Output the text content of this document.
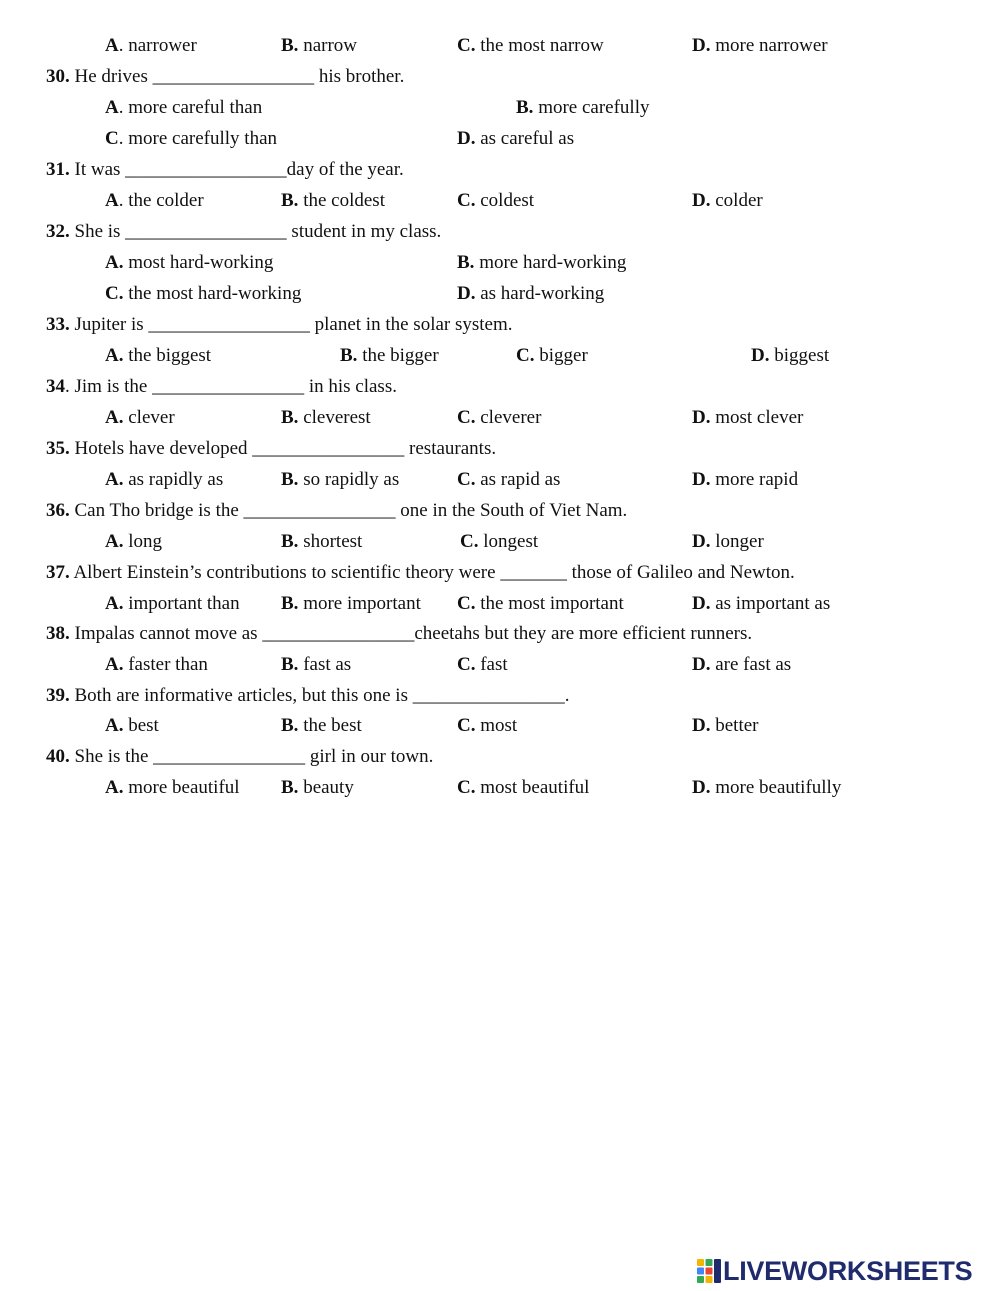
A. narrower	B. narrow	C. the most narrow	D. more narrower
30. He drives _________________ his brother.
A. more careful than	B. more carefully
C. more carefully than	D. as careful as
31. It was _________________day of the year.
A. the colder	B. the coldest	C. coldest	D. colder
32. She is _________________ student in my class.
A. most hard-working	B. more hard-working
C. the most hard-working	D. as hard-working
33. Jupiter is _________________ planet in the solar system.
A. the biggest	B. the bigger	C. bigger	D. biggest
34. Jim is the ________________ in his class.
A. clever	B. cleverest	C. cleverer	D. most clever
35. Hotels have developed ________________ restaurants.
A. as rapidly as	B. so rapidly as	C. as rapid as	D. more rapid
36. Can Tho bridge is the ________________ one in the South of Viet Nam.
A. long	B. shortest	C. longest	D. longer
37. Albert Einstein’s contributions to scientific theory were _______ those of Galileo and Newton.
A. important than B. more important C. the most important	D. as important as
38. Impalas cannot move as ________________cheetahs but they are more efficient runners.
A. faster than	B. fast as	C. fast	D. are fast as
39. Both are informative articles, but this one is ________________.
A. best	B. the best	C. most	D. better
40. She is the ________________ girl in our town.
A. more beautiful B. beauty	C. most beautiful	D. more beautifully
LIVEWORKSHEETS
